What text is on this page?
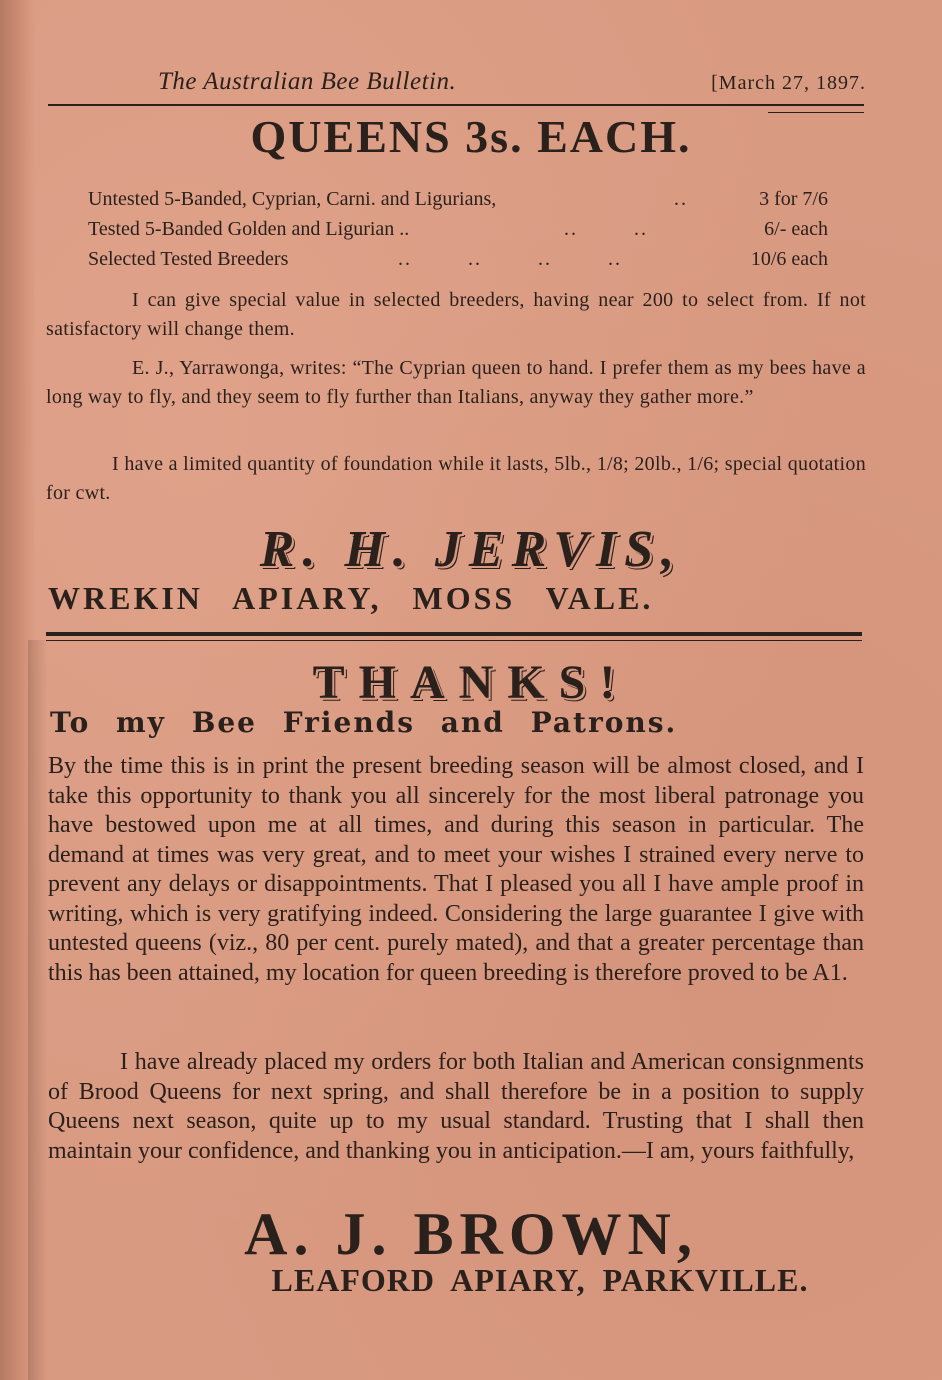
The Australian Bee Bulletin.	[March 27, 1897.
QUEENS 3s. EACH.
Untested 5-Banded, Cyprian, Carni. and Ligurians,	..	3 for 7/6
Tested 5-Banded Golden and Ligurian ..	..        ..	6/- each
Selected Tested Breeders	..        ..        ..        ..	10/6 each

I can give special value in selected breeders, having near 200 to select from. If not satisfactory will change them.

E. J., Yarrawonga, writes: “The Cyprian queen to hand. I prefer them as my bees have a long way to fly, and they seem to fly further than Italians, anyway they gather more.”

I have a limited quantity of foundation while it lasts, 5lb., 1/8; 20lb., 1/6; special quotation for cwt.

R. H. JERVIS,
WREKIN APIARY, MOSS VALE.
THANKS!
To my Bee Friends and Patrons.

By the time this is in print the present breeding season will be almost closed, and I take this opportunity to thank you all sincerely for the most liberal patronage you have bestowed upon me at all times, and during this season in particular. The demand at times was very great, and to meet your wishes I strained every nerve to prevent any delays or disappointments. That I pleased you all I have ample proof in writing, which is very gratifying indeed. Considering the large guarantee I give with untested queens (viz., 80 per cent. purely mated), and that a greater percentage than this has been attained, my location for queen breeding is therefore proved to be A1.

I have already placed my orders for both Italian and American consignments of Brood Queens for next spring, and shall therefore be in a position to supply Queens next season, quite up to my usual standard. Trusting that I shall then maintain your confidence, and thanking you in anticipation.—I am, yours faithfully,

A. J. BROWN,
LEAFORD APIARY, PARKVILLE.
